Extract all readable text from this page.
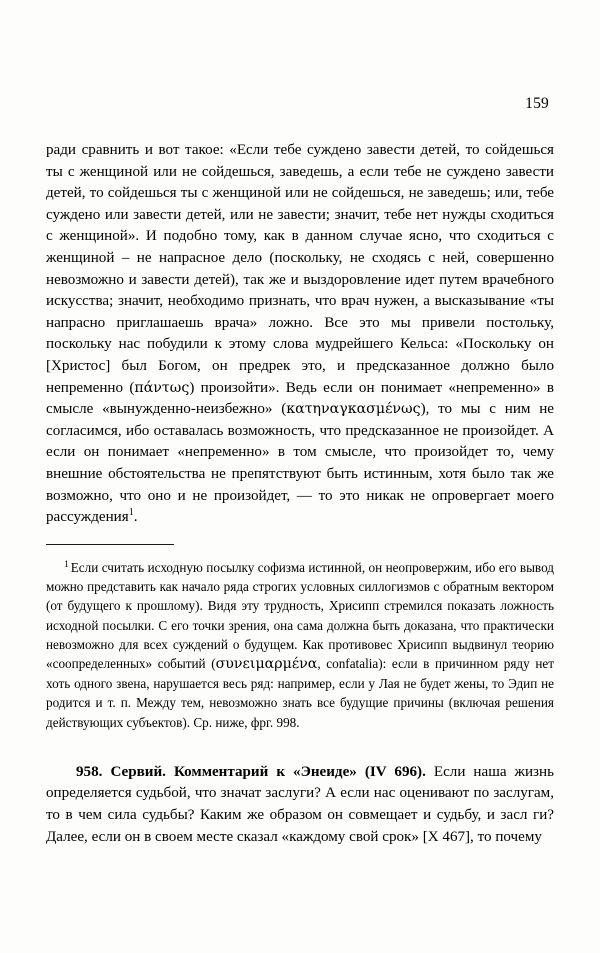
159

ради сравнить и вот такое: «Если тебе суждено завести детей, то сойдешься ты с женщиной или не сойдешься, заведешь, а если тебе не суждено завести детей, то сойдешься ты с женщиной или не сойдешься, не заведешь; или, тебе суждено или завести детей, или не завести; значит, тебе нет нужды сходиться с женщиной». И подобно тому, как в данном случае ясно, что сходиться с женщиной – не напрасное дело (поскольку, не сходясь с ней, совершенно невозможно и завести детей), так же и выздоровление идет путем врачебного искусства; значит, необходимо признать, что врач нужен, а высказывание «ты напрасно приглашаешь врача» ложно. Все это мы привели постольку, поскольку нас побудили к этому слова мудрейшего Кельса: «Поскольку он [Христос] был Богом, он предрек это, и предсказанное должно было непременно (πάντως) произойти». Ведь если он понимает «непременно» в смысле «вынужденно-неизбежно» (κατηναγκασμένως), то мы с ним не согласимся, ибо оставалась возможность, что предсказанное не произойдет. А если он понимает «непременно» в том смысле, что произойдет то, чему внешние обстоятельства не препятствуют быть истинным, хотя было так же возможно, что оно и не произойдет, — то это никак не опровергает моего рассуждения$^1$.

$^1$ Если считать исходную посылку софизма истинной, он неопровержим, ибо его вывод можно представить как начало ряда строгих условных силлогизмов с обратным вектором (от будущего к прошлому). Видя эту трудность, Хрисипп стремился показать ложность исходной посылки. С его точки зрения, она сама должна быть доказана, что практически невозможно для всех суждений о будущем. Как противовес Хрисипп выдвинул теорию «соопределенных» событий (συνειμαρμένα, confatalia): если в причинном ряду нет хоть одного звена, нарушается весь ряд: например, если у Лая не будет жены, то Эдип не родится и т. п. Между тем, невозможно знать все будущие причины (включая решения действующих субъектов). Ср. ниже, фрг. 998.

958. Сервий. Комментарий к «Энеиде» (IV 696). Если наша жизнь определяется судьбой, что значат заслуги? А если нас оценивают по заслугам, то в чем сила судьбы? Каким же образом он совмещает и судьбу, и засл ги? Далее, если он в своем месте сказал «каждому свой срок» [X 467], то почему
